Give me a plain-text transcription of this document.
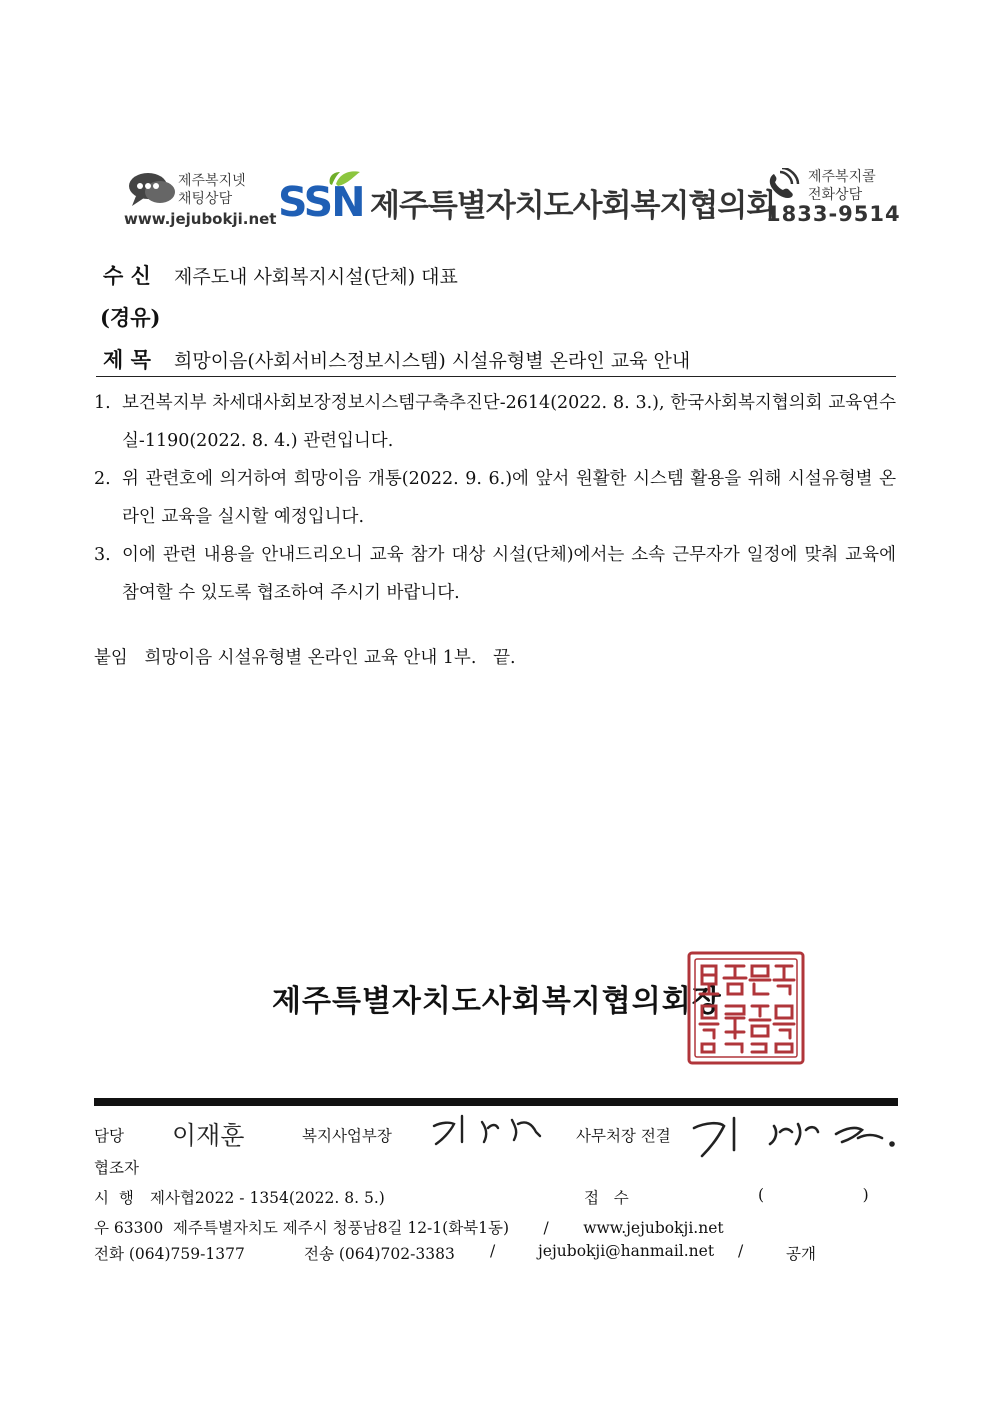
제주복지넷
채팅상담
www.jejubokji.net SSN 제주특별자치도사회복지협의회
제주복지콜
전화상담
1833-9514
수 신 제주도내 사회복지시설(단체) 대표
(경유)
제 목 희망이음(사회서비스정보시스템) 시설유형별 온라인 교육 안내
1. 보건복지부 차세대사회보장정보시스템구축추진단-2614(2022. 8. 3.), 한국사회복지협의회 교육연수실-1190(2022. 8. 4.) 관련입니다.
2. 위 관련호에 의거하여 희망이음 개통(2022. 9. 6.)에 앞서 원활한 시스템 활용을 위해 시설유형별 온라인 교육을 실시할 예정입니다.
3. 이에 관련 내용을 안내드리오니 교육 참가 대상 시설(단체)에서는 소속 근무자가 일정에 맞춰 교육에 참여할 수 있도록 협조하여 주시기 바랍니다.
붙임   희망이음 시설유형별 온라인 교육 안내 1부.   끝.
제주특별자치도사회복지협의회장
담당 이재훈	복지사업부장	사무처장 전결
협조자
시  행 제사협2022 - 1354(2022. 8. 5.)	접   수	(                    )
우 63300  제주특별자치도 제주시 청풍남8길 12-1(화북1동)       /       www.jejubokji.net
전화 (064)759-1377	전송 (064)702-3383 /	jejubokji@hanmail.net /	공개
